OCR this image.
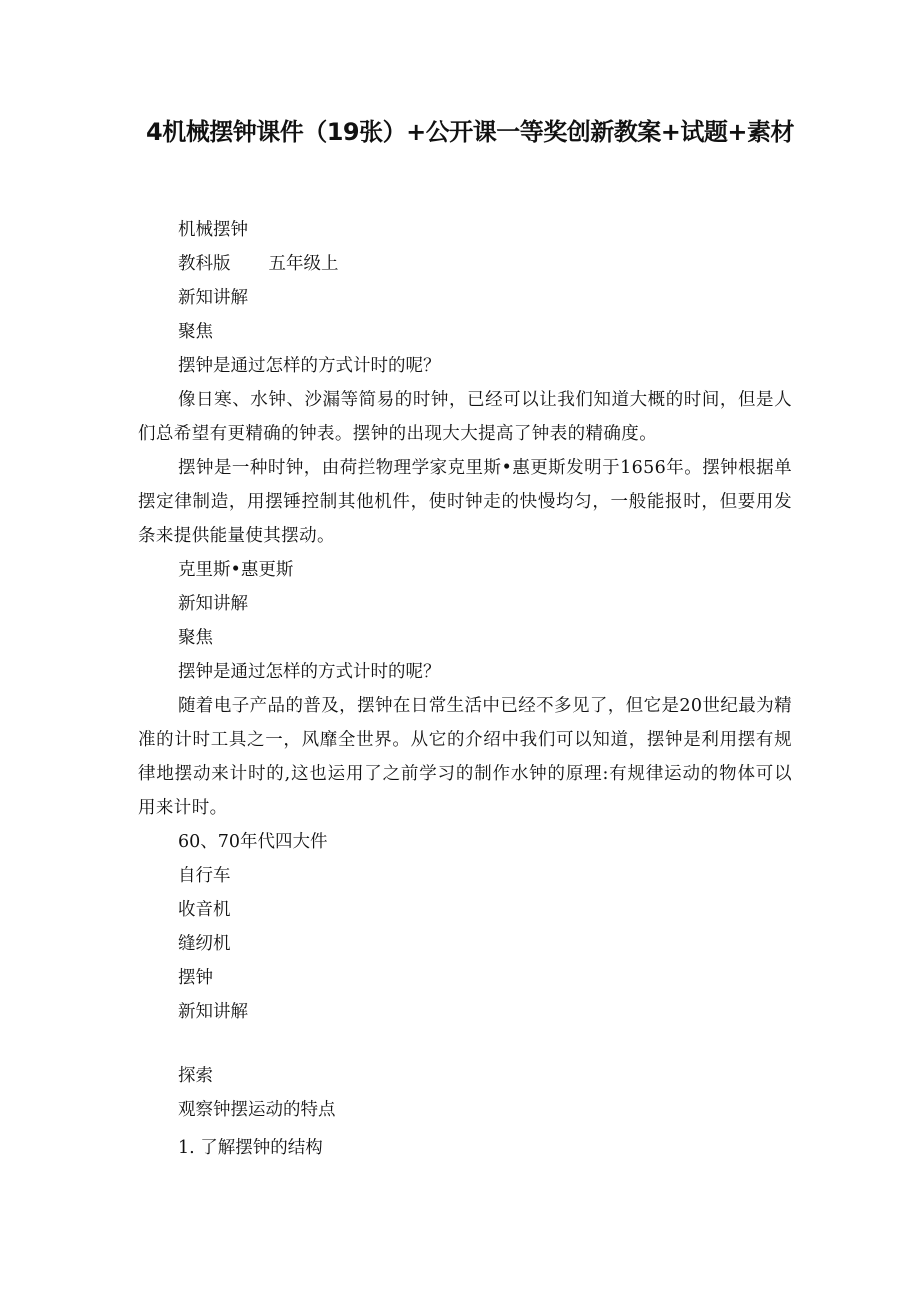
4机械摆钟课件（19张）+公开课一等奖创新教案+试题+素材
机械摆钟
教科版 五年级上
新知讲解
聚焦
摆钟是通过怎样的方式计时的呢？
像日寒、水钟、沙漏等简易的时钟，已经可以让我们知道大概的时间，但是人们总希望有更精确的钟表。摆钟的出现大大提高了钟表的精确度。
摆钟是一种时钟，由荷拦物理学家克里斯•惠更斯发明于1656年。摆钟根据单摆定律制造，用摆锤控制其他机件，使时钟走的快慢均匀，一般能报时，但要用发条来提供能量使其摆动。
克里斯•惠更斯
新知讲解
聚焦
摆钟是通过怎样的方式计时的呢？
随着电子产品的普及，摆钟在日常生活中已经不多见了，但它是20世纪最为精准的计时工具之一，风靡全世界。从它的介绍中我们可以知道，摆钟是利用摆有规律地摆动来计时的,这也运用了之前学习的制作水钟的原理:有规律运动的物体可以用来计时。
60、70年代四大件
自行车
收音机
缝纫机
摆钟
新知讲解
探索
观察钟摆运动的特点
1. 了解摆钟的结构
